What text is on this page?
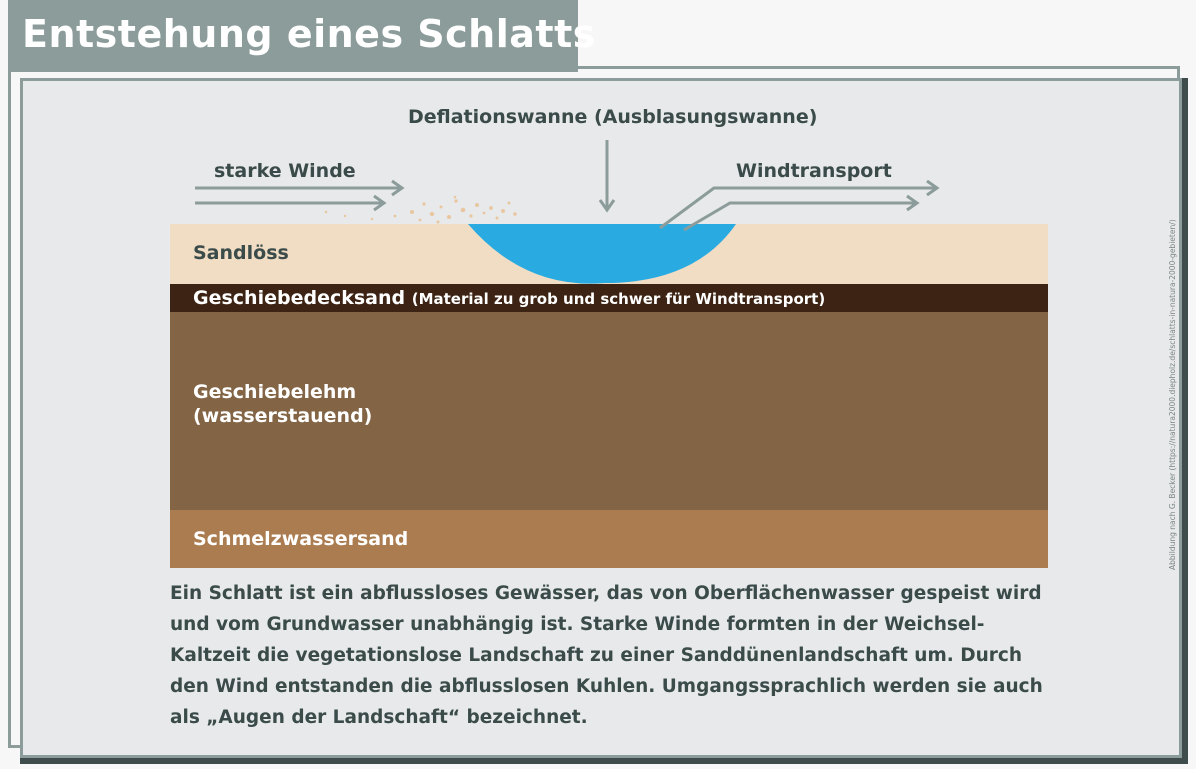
Entstehung eines Schlatts
Deflationswanne (Ausblasungswanne)
starke Winde	Windtransport
Sandlöss
Geschiebedecksand (Material zu grob und schwer für Windtransport)
Geschiebelehm
(wasserstauend)
Schmelzwassersand

Ein Schlatt ist ein abflussloses Gewässer, das von Oberflächenwasser gespeist wird und vom Grundwasser unabhängig ist. Starke Winde formten in der Weichsel-Kaltzeit die vegetationslose Landschaft zu einer Sanddünenlandschaft um. Durch den Wind entstanden die abflusslosen Kuhlen. Umgangssprachlich werden sie auch als „Augen der Landschaft“ bezeichnet.

Abbildung nach G. Becker (https://natura2000.diepholz.de/schlatts-in-natura-2000-gebieten/)
